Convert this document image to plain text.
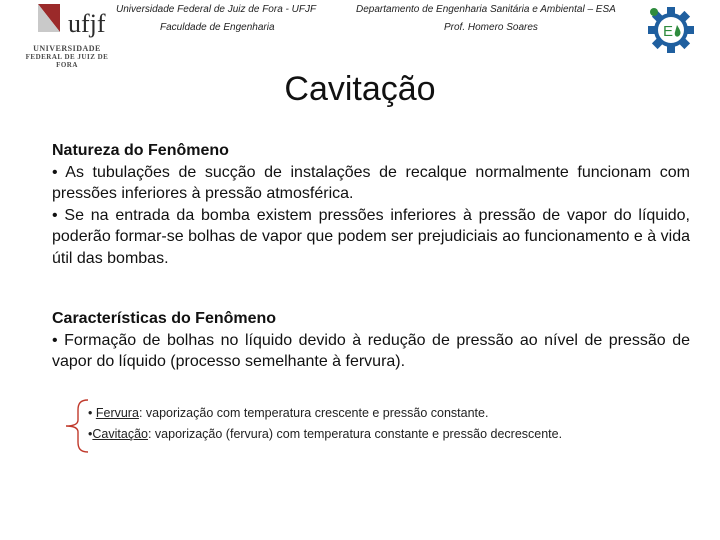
ufjf
UNIVERSIDADE
FEDERAL DE JUIZ DE FORA
Universidade Federal de Juiz de Fora - UFJF
Faculdade de Engenharia
Departamento de Engenharia Sanitária e Ambiental – ESA
Prof. Homero Soares	E
Cavitação

Natureza do Fenômeno

• As tubulações de sucção de instalações de recalque normalmente funcionam com pressões inferiores à pressão atmosférica.

• Se na entrada da bomba existem pressões inferiores à pressão de vapor do líquido, poderão formar-se bolhas de vapor que podem ser prejudiciais ao funcionamento e à vida útil das bombas.

Características do Fenômeno

• Formação de bolhas no líquido devido à redução de pressão ao nível de pressão de vapor do líquido (processo semelhante à fervura).

• Fervura: vaporização com temperatura crescente e pressão constante.

•Cavitação: vaporização (fervura) com temperatura constante e pressão decrescente.
